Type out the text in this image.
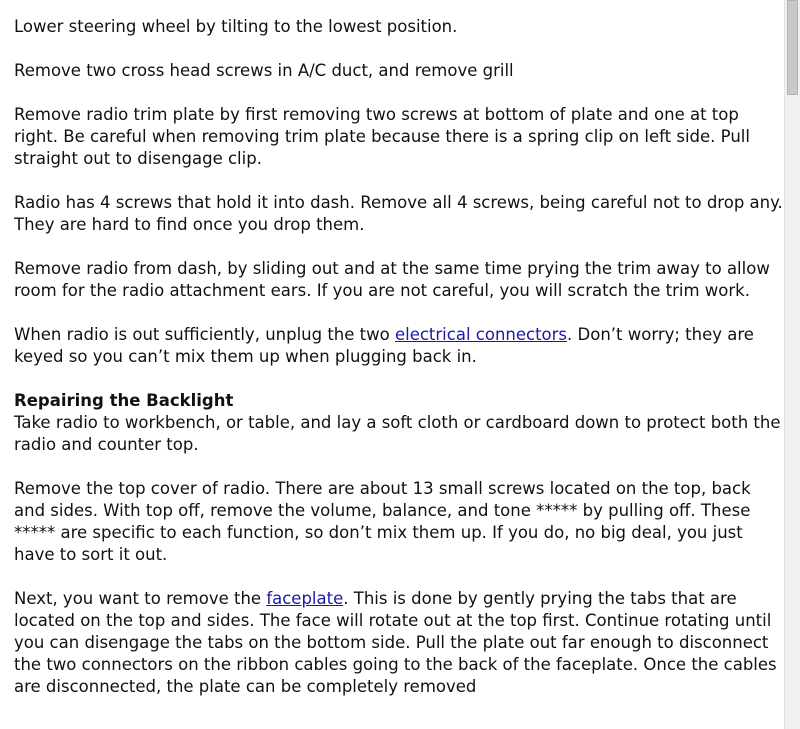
Lower steering wheel by tilting to the lowest position.

Remove two cross head screws in A/C duct, and remove grill

Remove radio trim plate by first removing two screws at bottom of plate and one at top right. Be careful when removing trim plate because there is a spring clip on left side. Pull straight out to disengage clip.

Radio has 4 screws that hold it into dash. Remove all 4 screws, being careful not to drop any. They are hard to find once you drop them.

Remove radio from dash, by sliding out and at the same time prying the trim away to allow room for the radio attachment ears. If you are not careful, you will scratch the trim work.

When radio is out sufficiently, unplug the two electrical connectors. Don’t worry; they are keyed so you can’t mix them up when plugging back in.

Repairing the Backlight

Take radio to workbench, or table, and lay a soft cloth or cardboard down to protect both the radio and counter top.

Remove the top cover of radio. There are about 13 small screws located on the top, back and sides. With top off, remove the volume, balance, and tone ***** by pulling off. These ***** are specific to each function, so don’t mix them up. If you do, no big deal, you just have to sort it out.

Next, you want to remove the faceplate. This is done by gently prying the tabs that are located on the top and sides. The face will rotate out at the top first. Continue rotating until you can disengage the tabs on the bottom side. Pull the plate out far enough to disconnect the two connectors on the ribbon cables going to the back of the faceplate. Once the cables are disconnected, the plate can be completely removed
